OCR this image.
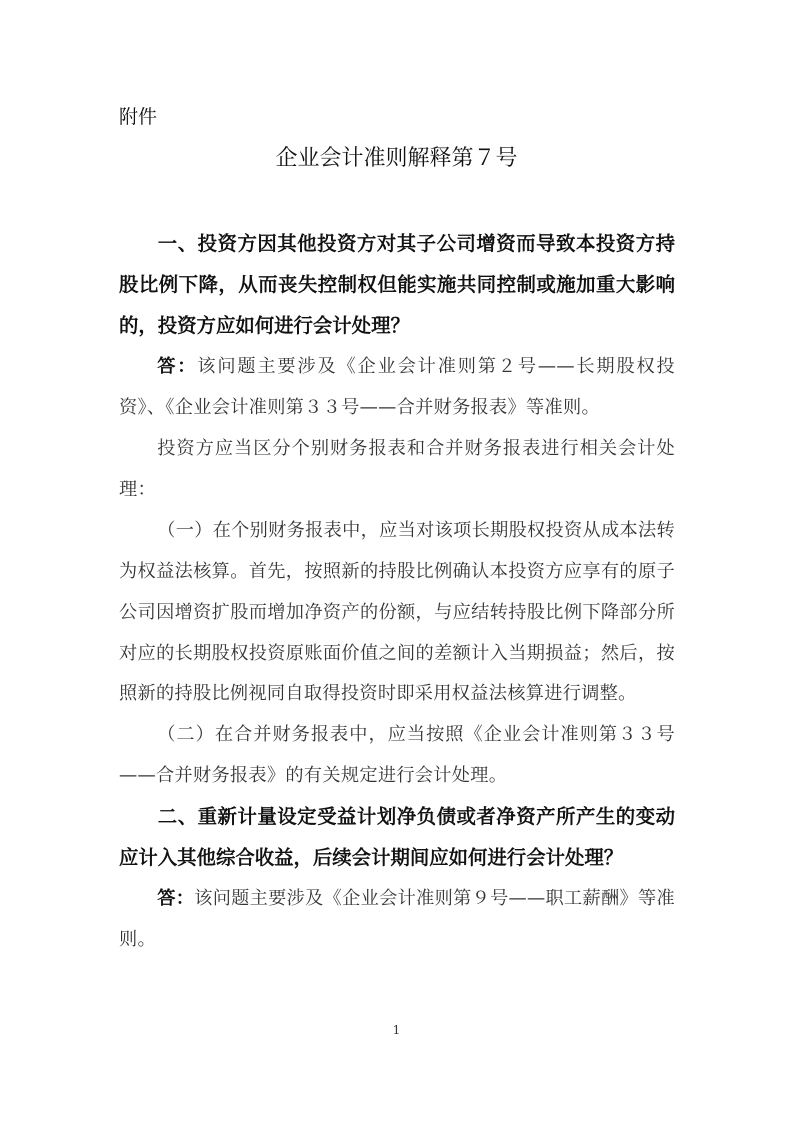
附件
企业会计准则解释第７号

一、投资方因其他投资方对其子公司增资而导致本投资方持股比例下降，从而丧失控制权但能实施共同控制或施加重大影响的，投资方应如何进行会计处理？

答：该问题主要涉及《企业会计准则第２号——长期股权投资》、《企业会计准则第３３号——合并财务报表》等准则。

投资方应当区分个别财务报表和合并财务报表进行相关会计处理：

（一）在个别财务报表中，应当对该项长期股权投资从成本法转为权益法核算。首先，按照新的持股比例确认本投资方应享有的原子公司因增资扩股而增加净资产的份额，与应结转持股比例下降部分所对应的长期股权投资原账面价值之间的差额计入当期损益；然后，按照新的持股比例视同自取得投资时即采用权益法核算进行调整。

（二）在合并财务报表中，应当按照《企业会计准则第３３号——合并财务报表》的有关规定进行会计处理。

二、重新计量设定受益计划净负债或者净资产所产生的变动应计入其他综合收益，后续会计期间应如何进行会计处理？

答：该问题主要涉及《企业会计准则第９号——职工薪酬》等准则。

1
